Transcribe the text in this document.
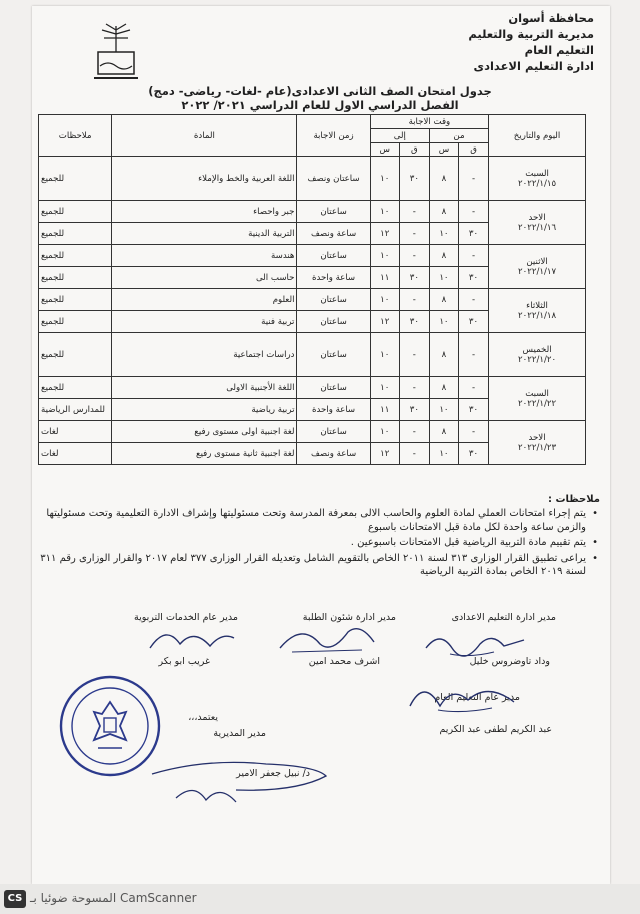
محافظة أسوان
مديرية التربية والتعليم
التعليم العام
ادارة التعليم الاعدادى
جدول امتحان الصف الثانى الاعدادى(عام -لغات- رياضى- دمج)
الفصل الدراسي الاول للعام الدراسي ٢٠٢١/ ٢٠٢٢
اليوم والتاريخ	وقت الاجابة				زمن الاجابة	المادة	ملاحظات
	من		إلى				
	ق	س	ق	س			

السبت
٢٠٢٢/١/١٥	-	٨	٣٠	١٠	ساعتان ونصف	اللغة العربية والخط والإملاء	للجميع

الاحد
٢٠٢٢/١/١٦	-	٨	-	١٠	ساعتان	جبر واحصاء	للجميع
	٣٠	١٠	-	١٢	ساعة ونصف	التربية الدينية	للجميع

الاثنين
٢٠٢٢/١/١٧	-	٨	-	١٠	ساعتان	هندسة	للجميع
	٣٠	١٠	٣٠	١١	ساعة واحدة	حاسب الى	للجميع

الثلاثاء
٢٠٢٢/١/١٨	-	٨	-	١٠	ساعتان	العلوم	للجميع
	٣٠	١٠	٣٠	١٢	ساعتان	تربية فنية	للجميع

الخميس
٢٠٢٢/١/٢٠	-	٨	-	١٠	ساعتان	دراسات اجتماعية	للجميع

السبت
٢٠٢٢/١/٢٢	-	٨	-	١٠	ساعتان	اللغة الأجنبية الاولى	للجميع
	٣٠	١٠	٣٠	١١	ساعة واحدة	تربية رياضية	للمدارس الرياضية

الاحد
٢٠٢٢/١/٢٣	-	٨	-	١٠	ساعتان	لغة اجنبية اولى مستوى رفيع	لغات
	٣٠	١٠	-	١٢	ساعة ونصف	لغة اجنبية ثانية مستوى رفيع	لغات
ملاحظات :
• يتم إجراء امتحانات العملي لمادة العلوم والحاسب الالى بمعرفة المدرسة وتحت مسئوليتها وإشراف الادارة التعليمية وتحت مسئوليتها والزمن ساعة واحدة لكل مادة قبل الامتحانات باسبوع
• يتم تقييم مادة التربية الرياضية قبل الامتحانات باسبوعين .
• يراعى تطبيق القرار الوزارى ٣١٣ لسنة ٢٠١١ الخاص بالتقويم الشامل وتعديله القرار الوزارى ٣٧٧ لعام ٢٠١٧ والقرار الوزارى رقم ٣١١ لسنة ٢٠١٩ الخاص بمادة التربية الرياضية
مدير ادارة التعليم الاعدادى
وداد تاوضروس خليل
مدير ادارة شئون الطلبة
اشرف محمد امين
مدير عام الخدمات التربوية
غريب ابو بكر
مدير عام التعليم العام
عبد الكريم لطفى عبد الكريم
يعتمد،،،
مدير المديرية
د/ نبيل جعفر الامير
CS المسوحة ضوئيا بـ CamScanner
